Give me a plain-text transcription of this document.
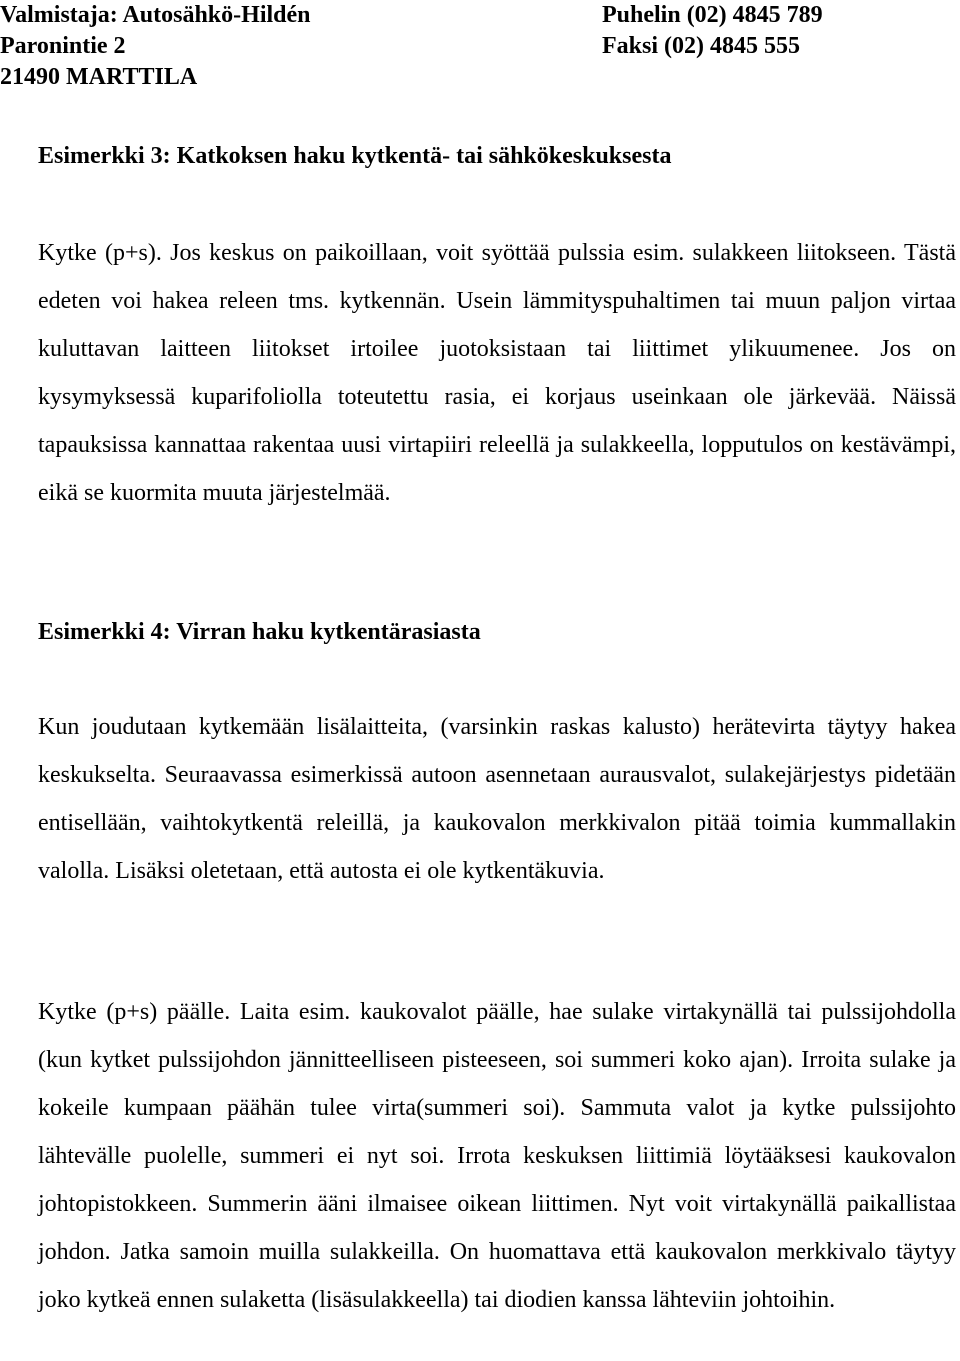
Valmistaja: Autosähkö-Hildén
Paronintie 2
21490 MARTTILA
Puhelin (02) 4845 789
Faksi (02) 4845 555
Esimerkki 3: Katkoksen haku kytkentä- tai sähkökeskuksesta
Kytke (p+s). Jos keskus on paikoillaan, voit syöttää pulssia esim. sulakkeen liitokseen. Tästä edeten voi hakea releen tms. kytkennän. Usein lämmityspuhaltimen tai muun paljon virtaa kuluttavan laitteen liitokset irtoilee juotoksistaan tai liittimet ylikuumenee. Jos on kysymyksessä kuparifoliolla toteutettu rasia, ei korjaus useinkaan ole järkevää. Näissä tapauksissa kannattaa rakentaa uusi virtapiiri releellä ja sulakkeella, lopputulos on kestävämpi, eikä se kuormita muuta järjestelmää.
Esimerkki 4: Virran haku kytkentärasiasta
Kun joudutaan kytkemään lisälaitteita, (varsinkin raskas kalusto) herätevirta täytyy hakea keskukselta. Seuraavassa esimerkissä autoon asennetaan aurausvalot, sulakejärjestys pidetään entisellään, vaihtokytkentä releillä, ja kaukovalon merkkivalon pitää toimia kummallakin valolla. Lisäksi oletetaan, että autosta ei ole kytkentäkuvia.
Kytke (p+s) päälle. Laita esim. kaukovalot päälle, hae sulake virtakynällä tai pulssijohdolla (kun kytket pulssijohdon jännitteelliseen pisteeseen, soi summeri koko ajan). Irroita sulake ja kokeile kumpaan päähän tulee virta(summeri soi). Sammuta valot ja kytke pulssijohto lähtevälle puolelle, summeri ei nyt soi. Irrota keskuksen liittimiä löytääksesi kaukovalon johtopistokkeen. Summerin ääni ilmaisee oikean liittimen. Nyt voit virtakynällä paikallistaa johdon. Jatka samoin muilla sulakkeilla. On huomattava että kaukovalon merkkivalo täytyy joko kytkeä ennen sulaketta (lisäsulakkeella) tai diodien kanssa lähteviin johtoihin.
